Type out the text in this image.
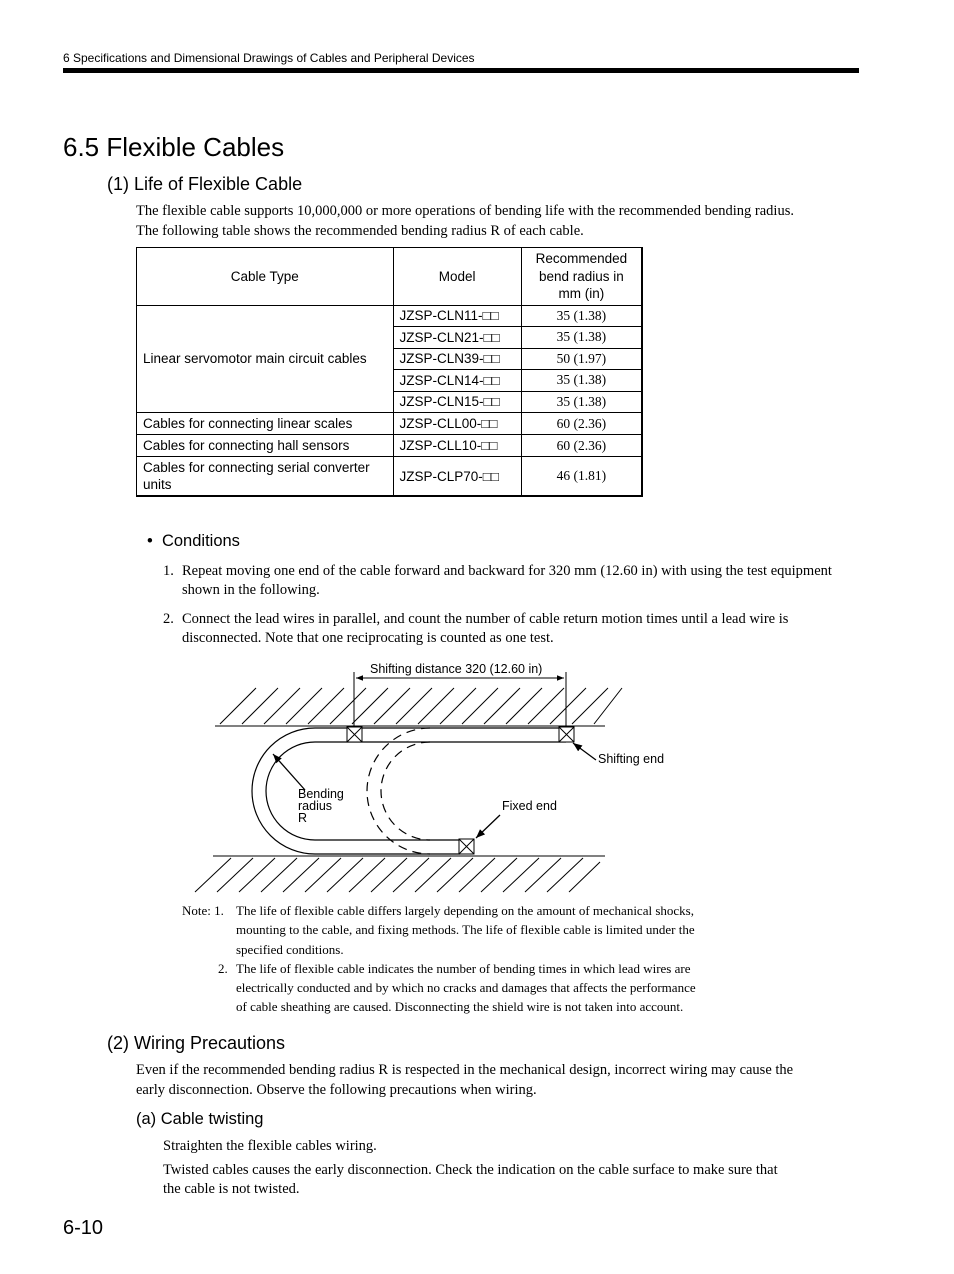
6 Specifications and Dimensional Drawings of Cables and Peripheral Devices
6.5 Flexible Cables
(1) Life of Flexible Cable
The flexible cable supports 10,000,000 or more operations of bending life with the recommended bending radius.
The following table shows the recommended bending radius R of each cable.
Cable Type	Model	Recommended
bend radius in
mm (in)
Linear servomotor main circuit cables	JZSP-CLN11-□□	35 (1.38)
	JZSP-CLN21-□□	35 (1.38)
	JZSP-CLN39-□□	50 (1.97)
	JZSP-CLN14-□□	35 (1.38)
	JZSP-CLN15-□□	35 (1.38)
Cables for connecting linear scales	JZSP-CLL00-□□	60 (2.36)
Cables for connecting hall sensors	JZSP-CLL10-□□	60 (2.36)
Cables for connecting serial converter units	JZSP-CLP70-□□	46 (1.81)
• Conditions
1. Repeat moving one end of the cable forward and backward for 320 mm (12.60 in) with using the test equipment shown in the following.
2. Connect the lead wires in parallel, and count the number of cable return motion times until a lead wire is disconnected. Note that one reciprocating is counted as one test.
Shifting distance 320 (12.60 in)
Shifting end
Fixed end
Bending
radius
R
Note: 1. The life of flexible cable differs largely depending on the amount of mechanical shocks,
mounting to the cable, and fixing methods. The life of flexible cable is limited under the
specified conditions.
2. The life of flexible cable indicates the number of bending times in which lead wires are
electrically conducted and by which no cracks and damages that affects the performance
of cable sheathing are caused. Disconnecting the shield wire is not taken into account.
(2) Wiring Precautions
Even if the recommended bending radius R is respected in the mechanical design, incorrect wiring may cause the
early disconnection. Observe the following precautions when wiring.
(a) Cable twisting
Straighten the flexible cables wiring.
Twisted cables causes the early disconnection. Check the indication on the cable surface to make sure that
the cable is not twisted.
6-10
